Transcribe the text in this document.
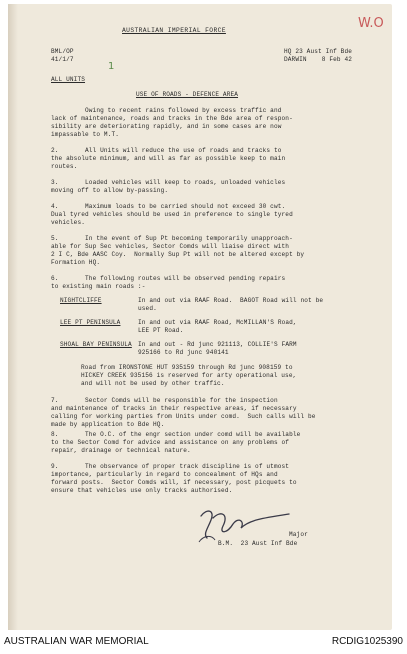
AUSTRALIAN IMPERIAL FORCE	W.O
BML/OP
41/1/7
HQ 23 Aust Inf Bde
DARWIN    8 Feb 42
ALL UNITS
1
USE OF ROADS - DEFENCE AREA
Owing to recent rains followed by excess traffic and
lack of maintenance, roads and tracks in the Bde area of respon-
sibility are deteriorating rapidly, and in some cases are now
impassable to M.T.
2.       All Units will reduce the use of roads and tracks to
the absolute minimum, and will as far as possible keep to main
routes.
3.       Loaded vehicles will keep to roads, unloaded vehicles
moving off to allow by-passing.
4.       Maximum loads to be carried should not exceed 30 cwt.
Dual tyred vehicles should be used in preference to single tyred
vehicles.
5.       In the event of Sup Pt becoming temporarily unapproach-
able for Sup Sec vehicles, Sector Comds will liaise direct with
2 I C, Bde AASC Coy.  Normally Sup Pt will not be altered except by
Formation HQ.
6.       The following routes will be observed pending repairs
to existing main roads :-
NIGHTCLIFFE	In and out via RAAF Road.  BAGOT Road will not be
used.
LEE PT PENINSULA	In and out via RAAF Road, McMILLAN'S Road,
LEE PT Road.
SHOAL BAY PENINSULA In and out - Rd junc 921113, COLLIE'S FARM
925166 to Rd junc 940141
Road from IRONSTONE HUT 935159 through Rd junc 908159 to
HICKEY CREEK 935156 is reserved for arty operational use,
and will not be used by other traffic.
7.       Sector Comds will be responsible for the inspection
and maintenance of tracks in their respective areas, if necessary
calling for working parties from Units under comd.  Such calls will be
made by application to Bde HQ.
8.       The O.C. of the engr section under comd will be available
to the Sector Comd for advice and assistance on any problems of
repair, drainage or technical nature.
9.       The observance of proper track discipline is of utmost
importance, particularly in regard to concealment of HQs and
forward posts.  Sector Comds will, if necessary, post picquets to
ensure that vehicles use only tracks authorised.
Major
B.M.  23 Aust Inf Bde
AUSTRALIAN WAR MEMORIAL	RCDIG1025390
